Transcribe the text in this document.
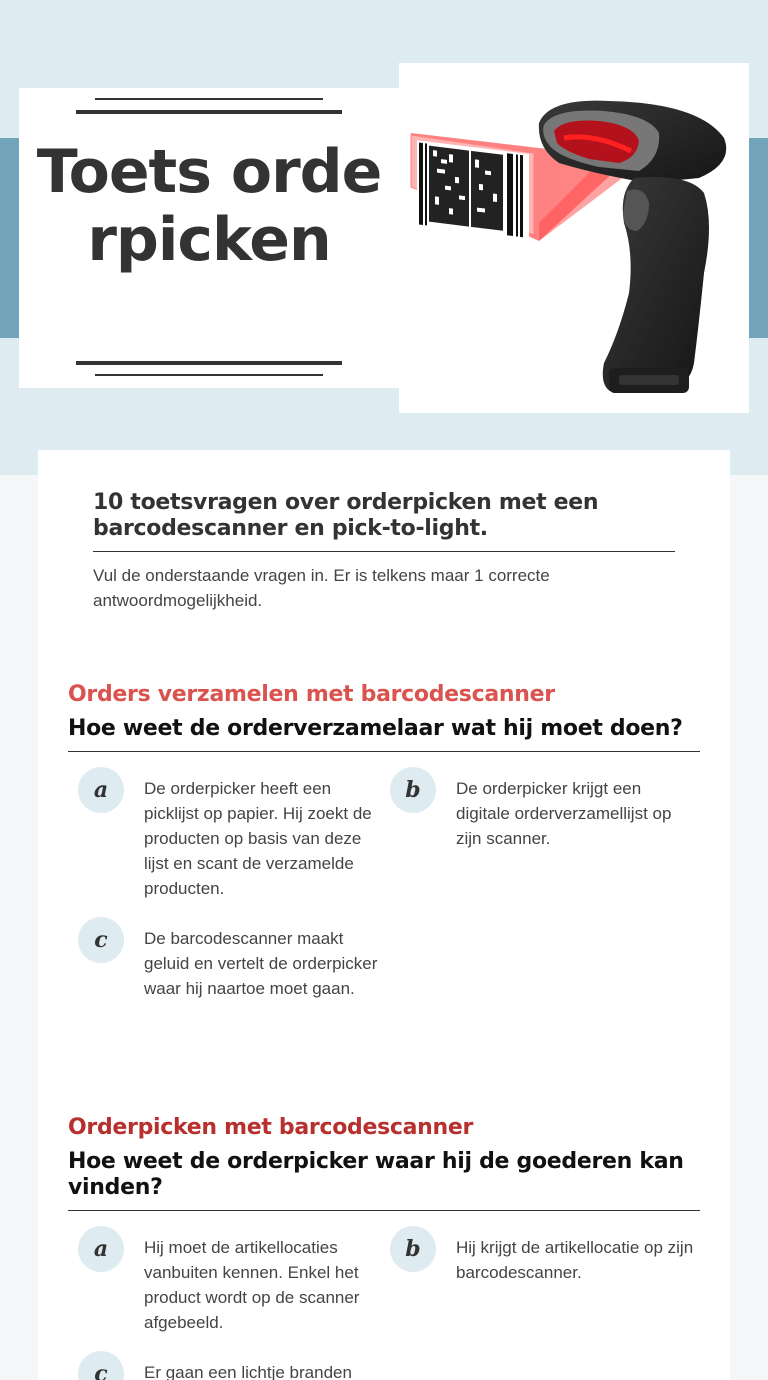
Toets orderpicken
10 toetsvragen over orderpicken met een barcodescanner en pick-to-light.

Vul de onderstaande vragen in. Er is telkens maar 1 correcte antwoordmogelijkheid.

Orders verzamelen met barcodescanner
Hoe weet de orderverzamelaar wat hij moet doen?
a	De orderpicker heeft een picklijst op papier. Hij zoekt de producten op basis van deze lijst en scant de verzamelde producten.
b	De orderpicker krijgt een digitale orderverzamellijst op zijn scanner.
c	De barcodescanner maakt geluid en vertelt de orderpicker waar hij naartoe moet gaan.
Orderpicken met barcodescanner
Hoe weet de orderpicker waar hij de goederen kan vinden?
a	Hij moet de artikellocaties vanbuiten kennen. Enkel het product wordt op de scanner afgebeeld.
b	Hij krijgt de artikellocatie op zijn barcodescanner.
c	Er gaan een lichtje branden
